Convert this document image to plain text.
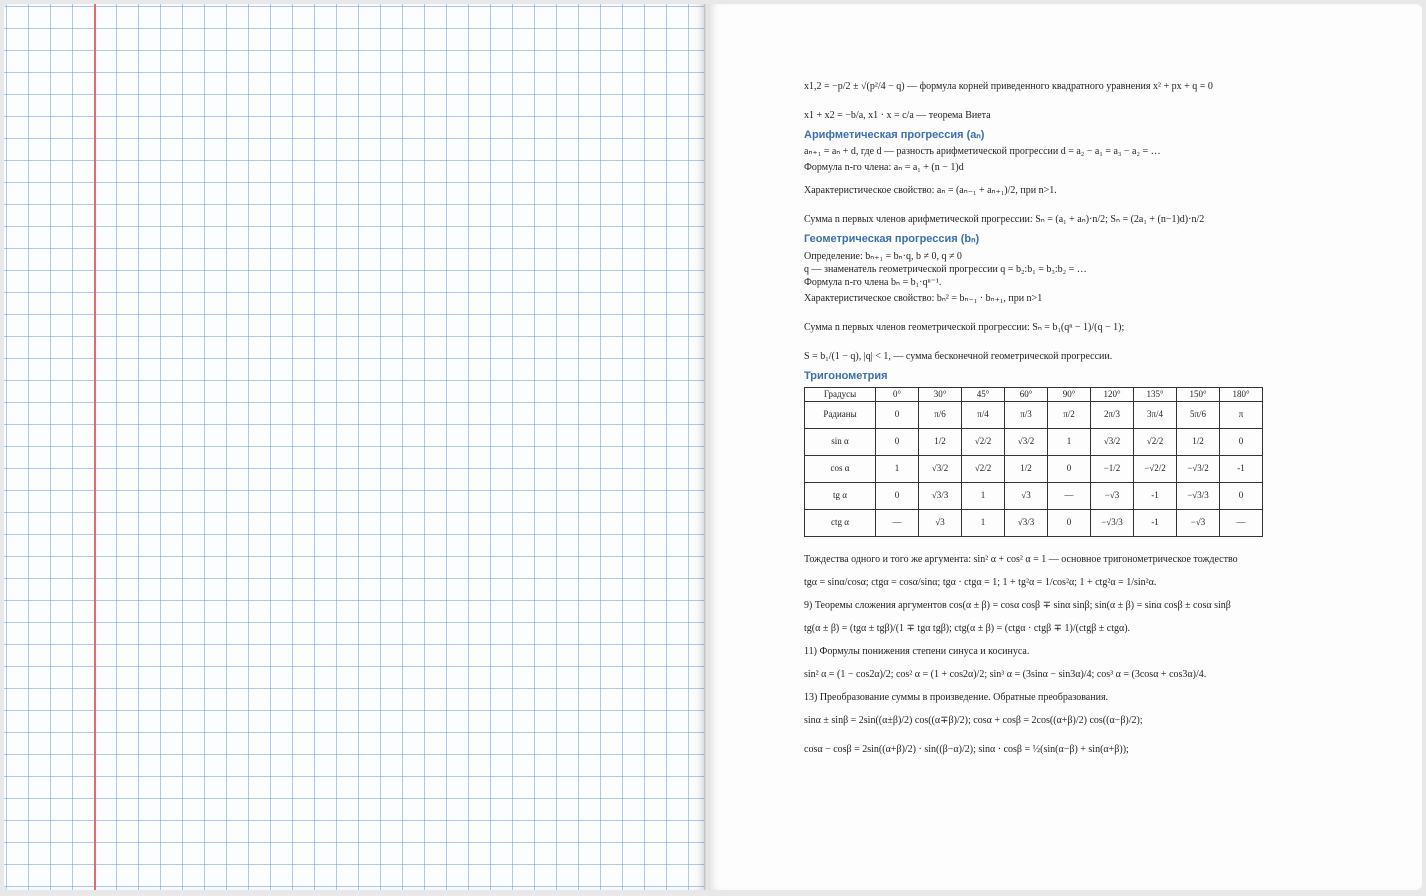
x1,2 = −p/2 ± √(p²/4 − q) — формула корней приведенного квадратного уравнения x² + px + q = 0
x1 + x2 = −b/a, x1 · x = c/a — теорема Виета
Арифметическая прогрессия (aₙ)
aₙ₊₁ = aₙ + d, где d — разность арифметической прогрессии d = a₂ − a₁ = a₃ − a₂ = …
Формула n-го члена: aₙ = a₁ + (n − 1)d
Характеристическое свойство: aₙ = (aₙ₋₁ + aₙ₊₁)/2, при n>1.
Сумма n первых членов арифметической прогрессии: Sₙ = (a₁ + aₙ)·n/2; Sₙ = (2a₁ + (n−1)d)·n/2
Геометрическая прогрессия (bₙ)
Определение: bₙ₊₁ = bₙ·q, b ≠ 0, q ≠ 0
q — знаменатель геометрической прогрессии q = b₂:b₁ = b₃:b₂ = …
Формула n-го члена bₙ = b₁·qⁿ⁻¹.
Характеристическое свойство: bₙ² = bₙ₋₁ · bₙ₊₁, при n>1
Сумма n первых членов геометрической прогрессии: Sₙ = b₁(qⁿ − 1)/(q − 1);
S = b₁/(1 − q), |q| < 1, — сумма бесконечной геометрической прогрессии.
Тригонометрия
Градусы	0°	30°	45°	60°	90°	120°	135°	150°	180°
Радианы	0	π/6	π/4	π/3	π/2	2π/3	3π/4	5π/6	π
sin α	0	1/2	√2/2	√3/2	1	√3/2	√2/2	1/2	0
cos α	1	√3/2	√2/2	1/2	0	−1/2	−√2/2	−√3/2	-1
tg α	0	√3/3	1	√3	—	−√3	-1	−√3/3	0
ctg α	—	√3	1	√3/3	0	−√3/3	-1	−√3	—
Тождества одного и того же аргумента: sin² α + cos² α = 1 — основное тригонометрическое тождество
tgα = sinα/cosα; ctgα = cosα/sinα; tgα · ctgα = 1; 1 + tg²α = 1/cos²α; 1 + ctg²α = 1/sin²α.
9) Теоремы сложения аргументов cos(α ± β) = cosα cosβ ∓ sinα sinβ; sin(α ± β) = sinα cosβ ± cosα sinβ
tg(α ± β) = (tgα ± tgβ)/(1 ∓ tgα tgβ); ctg(α ± β) = (ctgα · ctgβ ∓ 1)/(ctgβ ± ctgα).
11) Формулы понижения степени синуса и косинуса.
sin² α = (1 − cos2α)/2; cos² α = (1 + cos2α)/2; sin³ α = (3sinα − sin3α)/4; cos³ α = (3cosα + cos3α)/4.
13) Преобразование суммы в произведение. Обратные преобразования.
sinα ± sinβ = 2sin((α±β)/2) cos((α∓β)/2); cosα + cosβ = 2cos((α+β)/2) cos((α−β)/2);
cosα − cosβ = 2sin((α+β)/2) · sin((β−α)/2); sinα · cosβ = ½(sin(α−β) + sin(α+β));
